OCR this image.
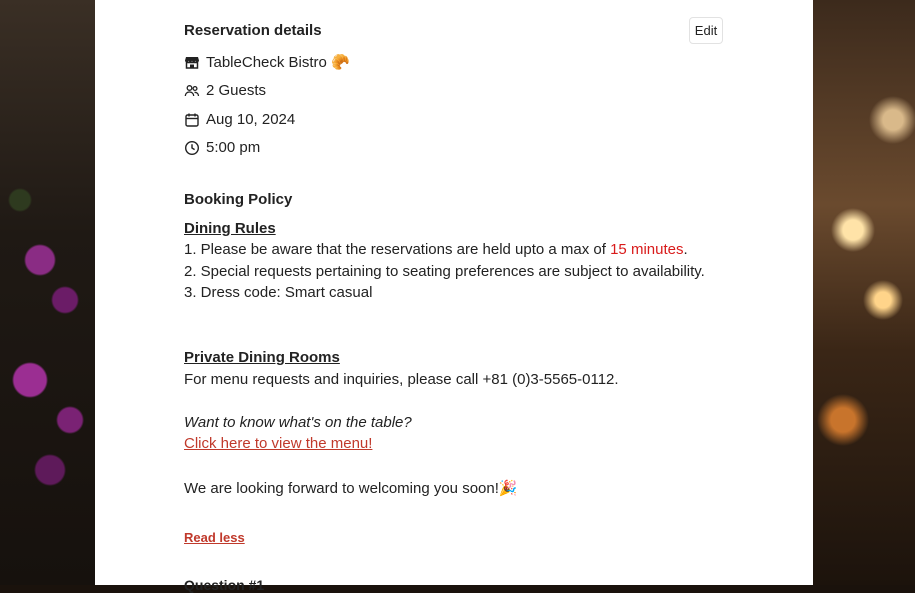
Reservation details	Edit
TableCheck Bistro 🥐
2 Guests
Aug 10, 2024
5:00 pm
Booking Policy
Dining Rules
1. Please be aware that the reservations are held upto a max of 15 minutes.
2. Special requests pertaining to seating preferences are subject to availability.
3. Dress code: Smart casual
Private Dining Rooms
For menu requests and inquiries, please call +81 (0)3-5565-0112.
Want to know what's on the table?
Click here to view the menu!
We are looking forward to welcoming you soon!🎉
Read less
Question #1
